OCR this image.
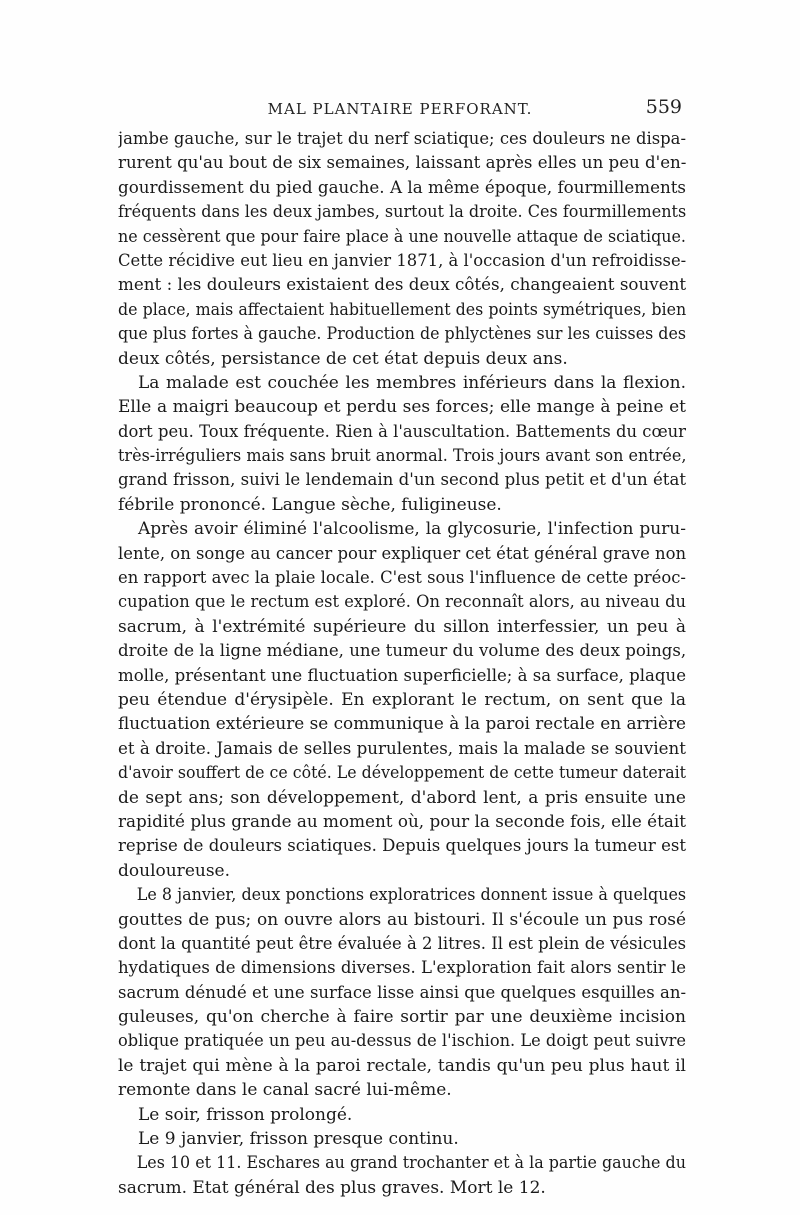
MAL PLANTAIRE PERFORANT.	559
jambe gauche, sur le trajet du nerf sciatique; ces douleurs ne dispa-
rurent qu'au bout de six semaines, laissant après elles un peu d'en-
gourdissement du pied gauche. A la même époque, fourmillements
fréquents dans les deux jambes, surtout la droite. Ces fourmillements
ne cessèrent que pour faire place à une nouvelle attaque de sciatique.
Cette récidive eut lieu en janvier 1871, à l'occasion d'un refroidisse-
ment : les douleurs existaient des deux côtés, changeaient souvent
de place, mais affectaient habituellement des points symétriques, bien
que plus fortes à gauche. Production de phlyctènes sur les cuisses des
deux côtés, persistance de cet état depuis deux ans.
La malade est couchée les membres inférieurs dans la flexion.
Elle a maigri beaucoup et perdu ses forces; elle mange à peine et
dort peu. Toux fréquente. Rien à l'auscultation. Battements du cœur
très-irréguliers mais sans bruit anormal. Trois jours avant son entrée,
grand frisson, suivi le lendemain d'un second plus petit et d'un état
fébrile prononcé. Langue sèche, fuligineuse.
Après avoir éliminé l'alcoolisme, la glycosurie, l'infection puru-
lente, on songe au cancer pour expliquer cet état général grave non
en rapport avec la plaie locale. C'est sous l'influence de cette préoc-
cupation que le rectum est exploré. On reconnaît alors, au niveau du
sacrum, à l'extrémité supérieure du sillon interfessier, un peu à
droite de la ligne médiane, une tumeur du volume des deux poings,
molle, présentant une fluctuation superficielle; à sa surface, plaque
peu étendue d'érysipèle. En explorant le rectum, on sent que la
fluctuation extérieure se communique à la paroi rectale en arrière
et à droite. Jamais de selles purulentes, mais la malade se souvient
d'avoir souffert de ce côté. Le développement de cette tumeur daterait
de sept ans; son développement, d'abord lent, a pris ensuite une
rapidité plus grande au moment où, pour la seconde fois, elle était
reprise de douleurs sciatiques. Depuis quelques jours la tumeur est
douloureuse.
Le 8 janvier, deux ponctions exploratrices donnent issue à quelques
gouttes de pus; on ouvre alors au bistouri. Il s'écoule un pus rosé
dont la quantité peut être évaluée à 2 litres. Il est plein de vésicules
hydatiques de dimensions diverses. L'exploration fait alors sentir le
sacrum dénudé et une surface lisse ainsi que quelques esquilles an-
guleuses, qu'on cherche à faire sortir par une deuxième incision
oblique pratiquée un peu au-dessus de l'ischion. Le doigt peut suivre
le trajet qui mène à la paroi rectale, tandis qu'un peu plus haut il
remonte dans le canal sacré lui-même.
Le soir, frisson prolongé.
Le 9 janvier, frisson presque continu.
Les 10 et 11. Eschares au grand trochanter et à la partie gauche du
sacrum. Etat général des plus graves. Mort le 12.
